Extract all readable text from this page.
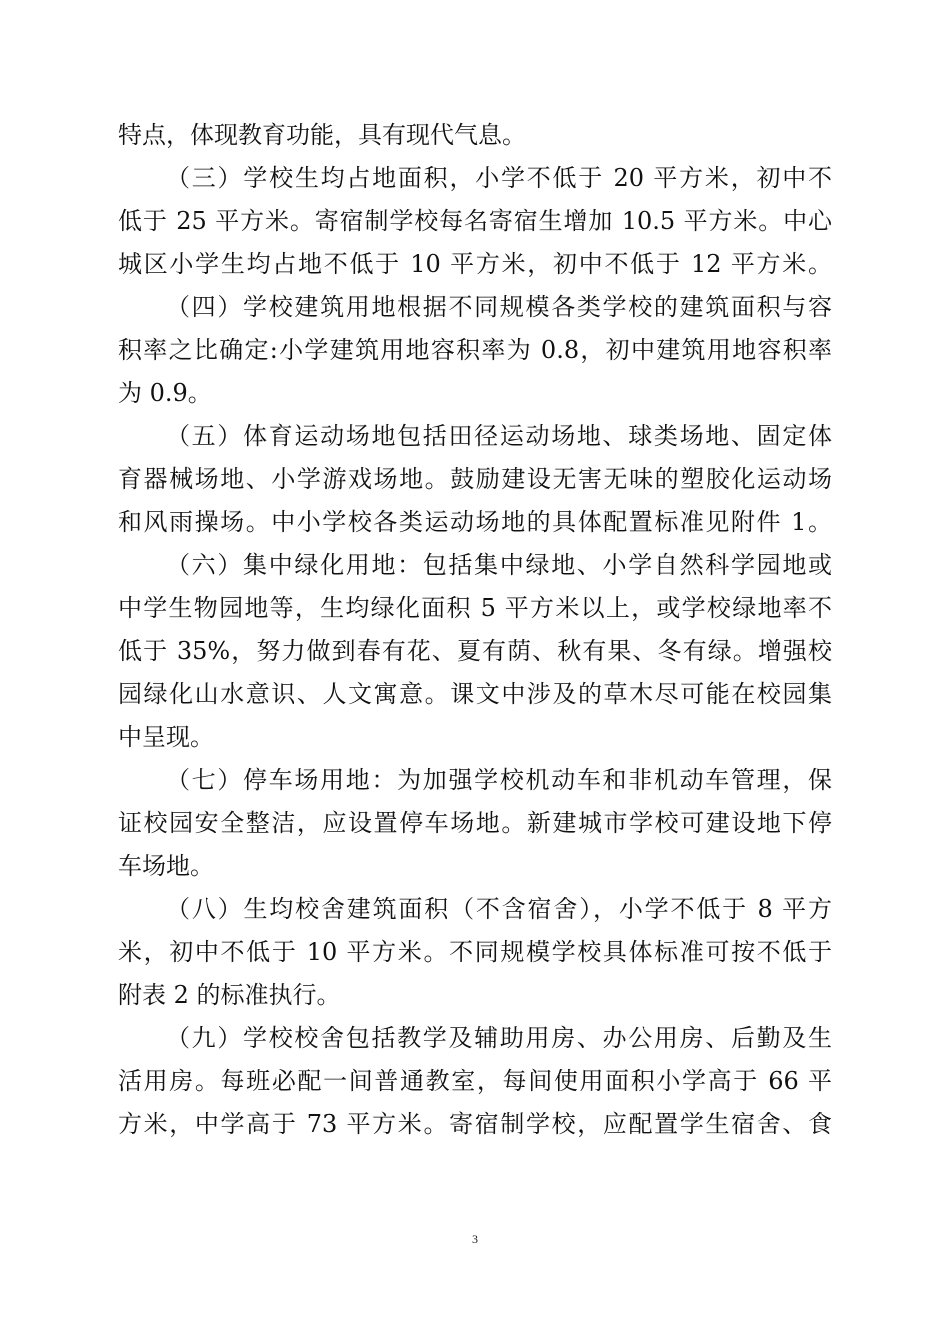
特点，体现教育功能，具有现代气息。
（三）学校生均占地面积，小学不低于 20 平方米，初中不
低于 25 平方米。寄宿制学校每名寄宿生增加 10.5 平方米。中心
城区小学生均占地不低于 10 平方米，初中不低于 12 平方米。
（四）学校建筑用地根据不同规模各类学校的建筑面积与容
积率之比确定:小学建筑用地容积率为 0.8，初中建筑用地容积率
为 0.9。
（五）体育运动场地包括田径运动场地、球类场地、固定体
育器械场地、小学游戏场地。鼓励建设无害无味的塑胶化运动场
和风雨操场。中小学校各类运动场地的具体配置标准见附件 1。
（六）集中绿化用地：包括集中绿地、小学自然科学园地或
中学生物园地等，生均绿化面积 5 平方米以上，或学校绿地率不
低于 35%，努力做到春有花、夏有荫、秋有果、冬有绿。增强校
园绿化山水意识、人文寓意。课文中涉及的草木尽可能在校园集
中呈现。
（七）停车场用地：为加强学校机动车和非机动车管理，保
证校园安全整洁，应设置停车场地。新建城市学校可建设地下停
车场地。
（八）生均校舍建筑面积（不含宿舍），小学不低于 8 平方
米，初中不低于 10 平方米。不同规模学校具体标准可按不低于
附表 2 的标准执行。
（九）学校校舍包括教学及辅助用房、办公用房、后勤及生
活用房。每班必配一间普通教室，每间使用面积小学高于 66 平
方米，中学高于 73 平方米。寄宿制学校，应配置学生宿舍、食
3
